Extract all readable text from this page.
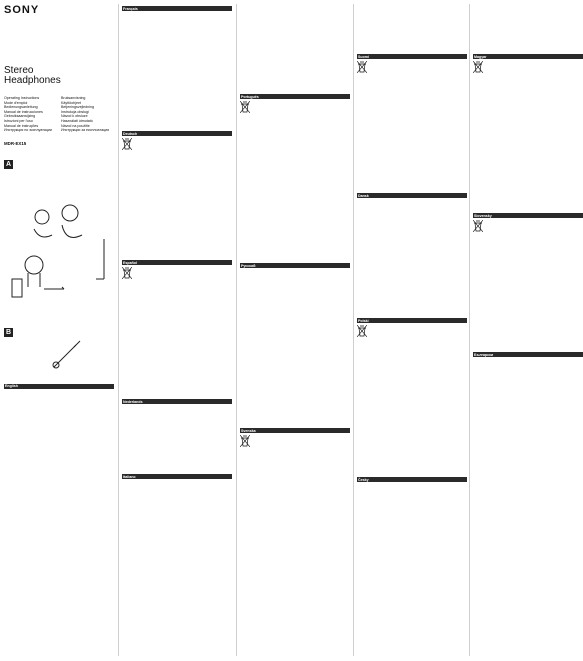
SONY
Stereo
Headphones
Operating Instructions	Bruksanvisning
Mode d'emploi	Käyttöohjeet
Bedienungsanleitung	Betjeningsvejledning
Manual de instrucciones	Instrukcja obsługi
Gebruiksaanwijzing	Návod k obsluze
Istruzioni per l'uso	Használati útmutató
Manual de instruções	Návod na použitie
Инструкция по эксплуатации	Инструкции за експлоатация
MDR-EX15
A
B
English
Français
Deutsch
Español
Nederlands
Italiano
Português
Русский
Svenska
Suomi
Dansk
Polski
Česky
Magyar
Slovensky
Български
